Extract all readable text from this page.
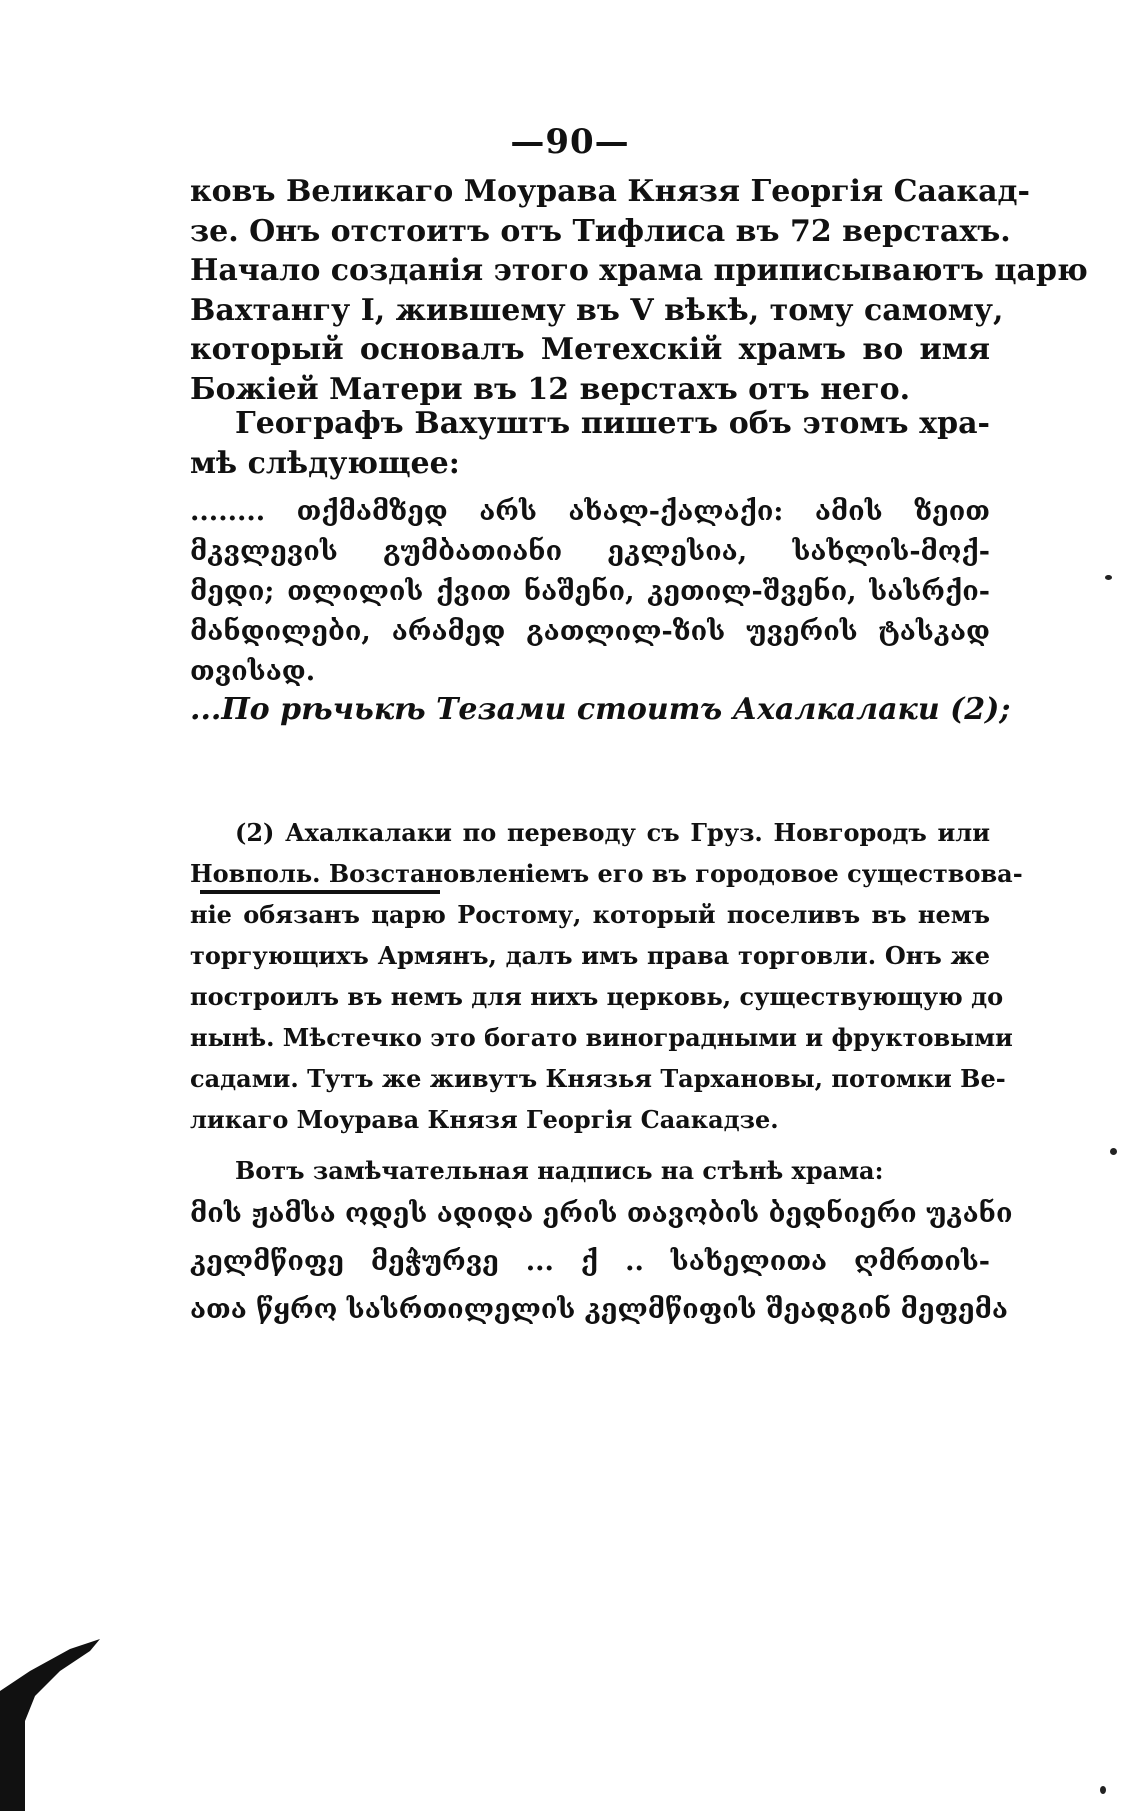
—90—
ковъ Великаго Моурава Князя Георгія Саакад-
зе. Онъ отстоитъ отъ Тифлиса въ 72 верстахъ.
Начало созданія этого храма приписываютъ царю
Вахтангу I, жившему въ V вѣкѣ, тому самому,
который основалъ Метехскій храмъ во имя
Божіей Матери въ 12 верстахъ отъ него.
Географъ Вахуштъ пишетъ объ этомъ хра-
мѣ слѣдующее:
........ თქმამზედ არს ახალ-ქალაქი: ამის ზეით
მკვლევის გუმბათიანი ეკლესია, სახლის-მოქ-
მედი; თლილის ქვით ნაშენი, კეთილ-შვენი, სასრქი-
მანდილები, არამედ გათლილ-ზის უვერის ტასკად
თვისად.
...По рѣчькѣ Тезами стоитъ Ахалкалаки (2);
(2) Ахалкалаки по переводу съ Груз. Новгородъ или
Новполь. Возстановленіемъ его въ городовое существова-
ніе обязанъ царю Ростому, который поселивъ въ немъ
торгующихъ Армянъ, далъ имъ права торговли. Онъ же
построилъ въ немъ для нихъ церковь, существующую до
нынѣ. Мѣстечко это богато виноградными и фруктовыми
садами. Тутъ же живутъ Князья Тархановы, потомки Ве-
ликаго Моурава Князя Георгія Саакадзе.
Вотъ замѣчательная надпись на стѣнѣ храма:
მის ჟამსა ოდეს ადიდა ერის თავობის ბედნიერი უკანი
კელმწიფე მეჭურვე ... ქ .. სახელითა ღმრთის-
ათა წყრო სასრთილელის კელმწიფის შეადგინ მეფემა
